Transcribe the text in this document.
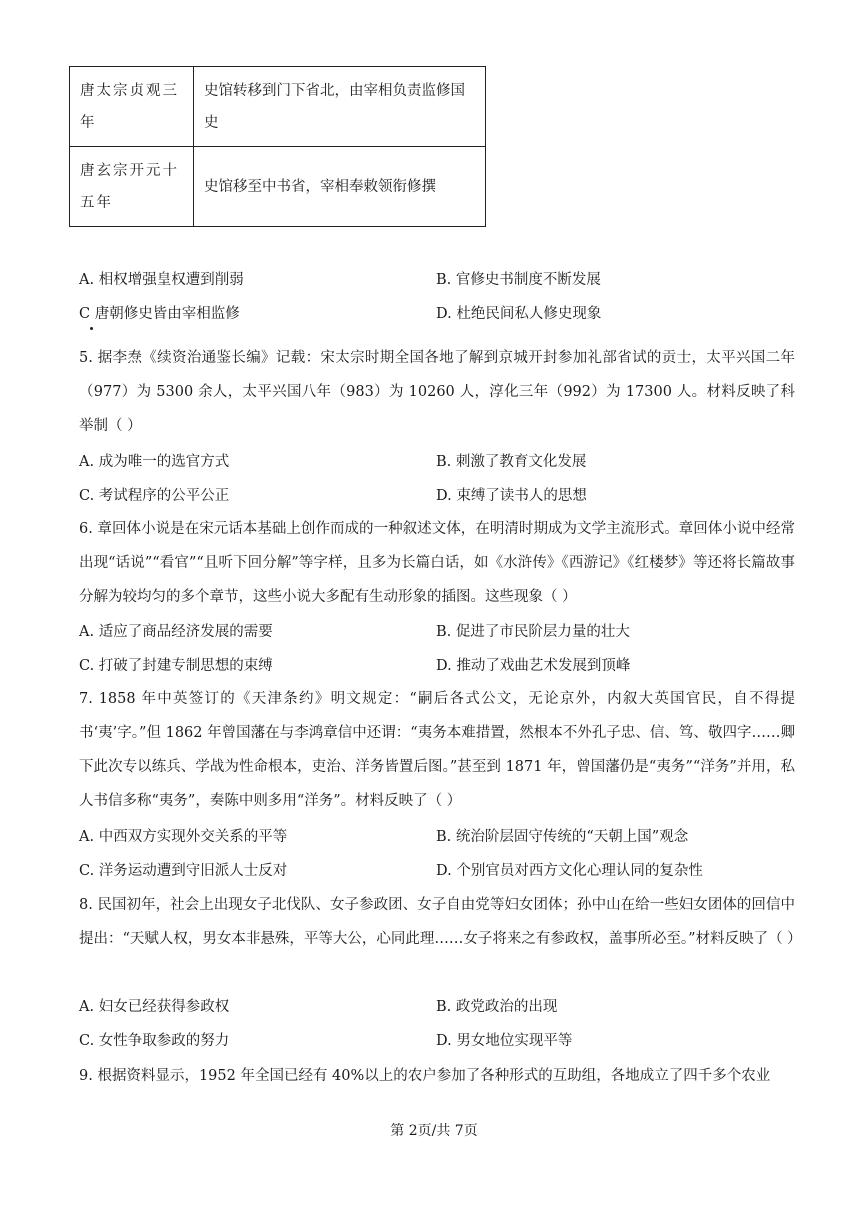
唐太宗贞观三年	史馆转移到门下省北，由宰相负责监修国史
唐玄宗开元十五年	史馆移至中书省，宰相奉敕领衔修撰
A. 相权增强皇权遭到削弱	B. 官修史书制度不断发展
C 唐朝修史皆由宰相监修	D. 杜绝民间私人修史现象
5. 据李焘《续资治通鉴长编》记载：宋太宗时期全国各地了解到京城开封参加礼部省试的贡士，太平兴国二年（977）为 5300 余人，太平兴国八年（983）为 10260 人，淳化三年（992）为 17300 人。材料反映了科举制（ ）
A. 成为唯一的选官方式	B. 刺激了教育文化发展
C. 考试程序的公平公正	D. 束缚了读书人的思想
6. 章回体小说是在宋元话本基础上创作而成的一种叙述文体，在明清时期成为文学主流形式。章回体小说中经常出现“话说”“看官”“且听下回分解”等字样，且多为长篇白话，如《水浒传》《西游记》《红楼梦》等还将长篇故事分解为较均匀的多个章节，这些小说大多配有生动形象的插图。这些现象（ ）
A. 适应了商品经济发展的需要	B. 促进了市民阶层力量的壮大
C. 打破了封建专制思想的束缚	D. 推动了戏曲艺术发展到顶峰
7. 1858 年中英签订的《天津条约》明文规定：“嗣后各式公文，无论京外，内叙大英国官民，自不得提书‘夷’字。”但 1862 年曾国藩在与李鸿章信中还谓：“夷务本难措置，然根本不外孔子忠、信、笃、敬四字……卿下此次专以练兵、学战为性命根本，吏治、洋务皆置后图。”甚至到 1871 年，曾国藩仍是“夷务”“洋务”并用，私人书信多称“夷务”，奏陈中则多用“洋务”。材料反映了（ ）
A. 中西双方实现外交关系的平等	B. 统治阶层固守传统的“天朝上国”观念
C. 洋务运动遭到守旧派人士反对	D. 个别官员对西方文化心理认同的复杂性
8. 民国初年，社会上出现女子北伐队、女子参政团、女子自由党等妇女团体；孙中山在给一些妇女团体的回信中提出：“天赋人权，男女本非悬殊，平等大公，心同此理……女子将来之有参政权，盖事所必至。”材料反映了（ ）
A. 妇女已经获得参政权	B. 政党政治的出现
C. 女性争取参政的努力	D. 男女地位实现平等
9. 根据资料显示，1952 年全国已经有 40%以上的农户参加了各种形式的互助组，各地成立了四千多个农业
第 2页/共 7页
